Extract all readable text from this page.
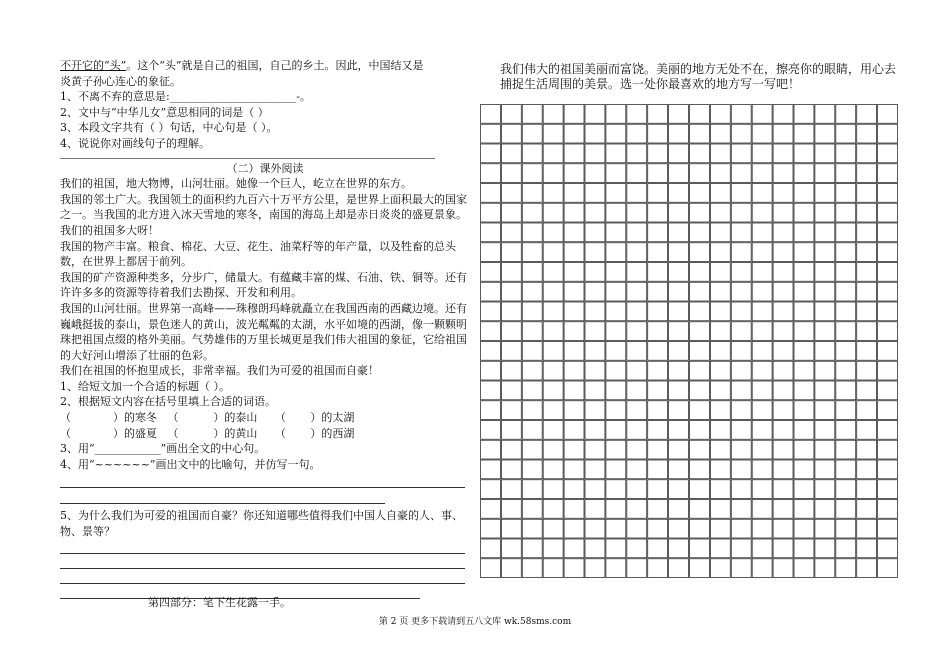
不开它的“头”。这个“头”就是自己的祖国，自己的乡土。因此，中国结又是

炎黄子孙心连心的象征。

1、不离不弃的意思是:_______________________-。

2、文中与“中华儿女”意思相同的词是（ ）

3、本段文字共有（ ）句话，中心句是（ ）。

4、说说你对画线句子的理解。

（二）课外阅读

我们的祖国，地大物博，山河壮丽。她像一个巨人，屹立在世界的东方。

我国的邻土广大。我国领土的面积约九百六十万平方公里，是世界上面积最大的国家之一。当我国的北方进入冰天雪地的寒冬，南国的海岛上却是赤日炎炎的盛夏景象。我们的祖国多大呀！

我国的物产丰富。粮食、棉花、大豆、花生、油菜籽等的年产量，以及牲畜的总头数，在世界上都居于前列。

我国的矿产资源种类多，分步广，储量大。有蕴藏丰富的煤、石油、铁、铜等。还有许许多多的资源等待着我们去勘探、开发和利用。

我国的山河壮丽。世界第一高峰——珠穆朗玛峰就矗立在我国西南的西藏边境。还有巍峨挺拔的泰山，景色迷人的黄山，波光粼粼的太湖，水平如境的西湖，像一颗颗明珠把祖国点缀的格外美丽。气势雄伟的万里长城更是我们伟大祖国的象征，它给祖国的大好河山增添了壮丽的色彩。

我们在祖国的怀抱里成长，非常幸福。我们为可爱的祖国而自豪！

1、给短文加一个合适的标题（ ）。

2、根据短文内容在括号里填上合适的词语。

（            ）的寒冬   （          ）的泰山     （       ）的太湖

（            ）的盛夏   （          ）的黄山     （       ）的西湖

3、用“____________”画出全文的中心句。

4、用“~~~~~~”画出文中的比喻句，并仿写一句。

5、为什么我们为可爱的祖国而自豪？你还知道哪些值得我们中国人自豪的人、事、物、景等？

第四部分：笔下生花露一手。
我们伟大的祖国美丽而富饶。美丽的地方无处不在，擦亮你的眼睛，用心去捕捉生活周围的美景。选一处你最喜欢的地方写一写吧！
第 2 页 更多下载请到五八文库 wk.58sms.com
